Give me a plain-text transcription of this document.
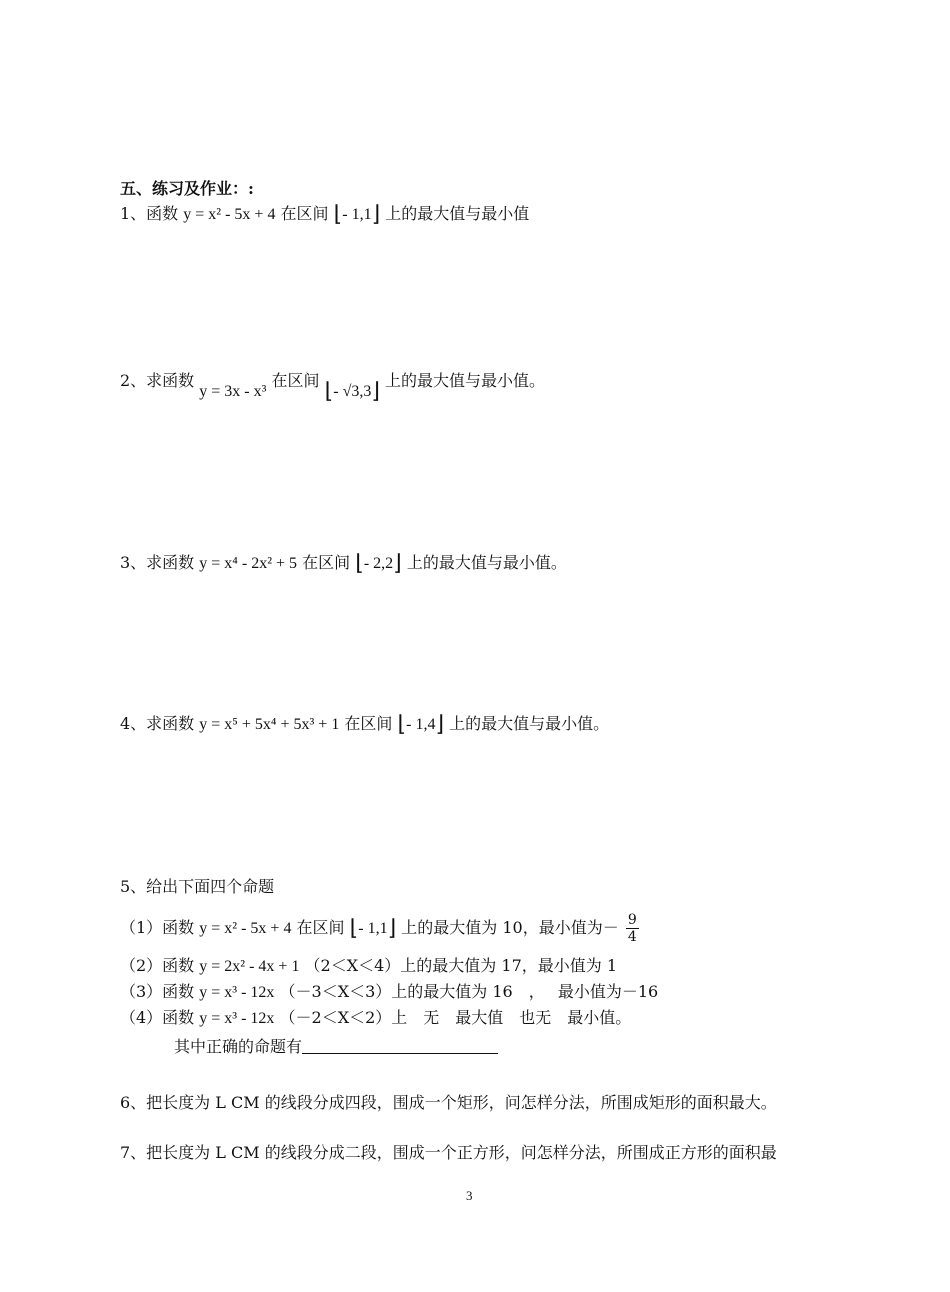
五、练习及作业：:
1、函数 y = x² - 5x + 4 在区间 ⌊- 1,1⌋ 上的最大值与最小值
2、求函数 y = 3x - x³ 在区间 ⌊- √3,3⌋ 上的最大值与最小值。
3、求函数 y = x⁴ - 2x² + 5 在区间 ⌊- 2,2⌋ 上的最大值与最小值。
4、求函数 y = x⁵ + 5x⁴ + 5x³ + 1 在区间 ⌊- 1,4⌋ 上的最大值与最小值。
5、给出下面四个命题
（1）函数 y = x² - 5x + 4 在区间 ⌊- 1,1⌋ 上的最大值为 10，最小值为－ $\frac{9}{4}$
（2）函数 y = 2x² - 4x + 1 （2＜X＜4）上的最大值为 17，最小值为 1
（3）函数 y = x³ - 12x （－3＜X＜3）上的最大值为 16　，　 最小值为－16
（4）函数 y = x³ - 12x （－2＜X＜2）上　无　最大值　也无　最小值。
其中正确的命题有
6、把长度为 L CM 的线段分成四段，围成一个矩形，问怎样分法，所围成矩形的面积最大。
7、把长度为 L CM 的线段分成二段，围成一个正方形，问怎样分法，所围成正方形的面积最
3
